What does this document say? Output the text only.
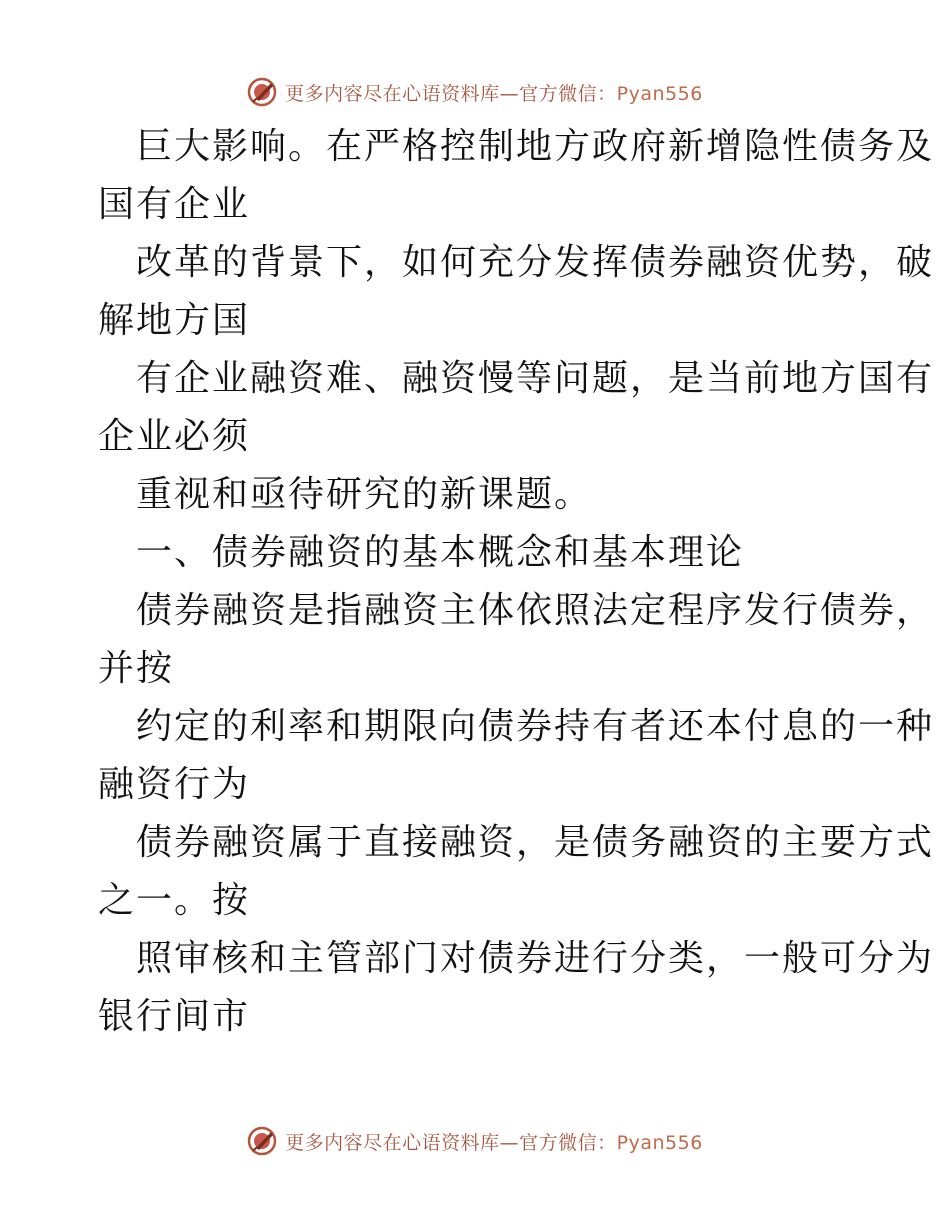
更多内容尽在心语资料库—官方微信：Pyan556
巨大影响。在严格控制地方政府新增隐性债务及
国有企业
改革的背景下，如何充分发挥债券融资优势，破
解地方国
有企业融资难、融资慢等问题，是当前地方国有
企业必须
重视和亟待研究的新课题。
一、债券融资的基本概念和基本理论
债券融资是指融资主体依照法定程序发行债券，
并按
约定的利率和期限向债券持有者还本付息的一种
融资行为
债券融资属于直接融资，是债务融资的主要方式
之一。按
照审核和主管部门对债券进行分类，一般可分为
银行间市
更多内容尽在心语资料库—官方微信：Pyan556
